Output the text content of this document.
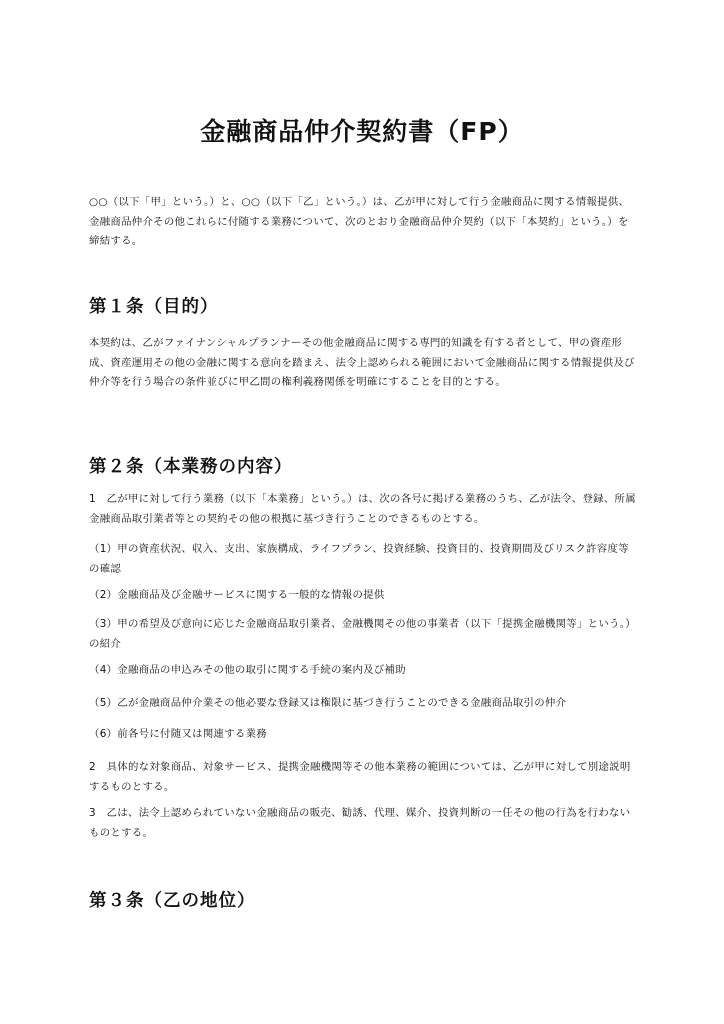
金融商品仲介契約書（FP）

○○（以下「甲」という。）と、○○（以下「乙」という。）は、乙が甲に対して行う金融商品に関する情報提供、金融商品仲介その他これらに付随する業務について、次のとおり金融商品仲介契約（以下「本契約」という。）を締結する。

第１条（目的）

本契約は、乙がファイナンシャルプランナーその他金融商品に関する専門的知識を有する者として、甲の資産形成、資産運用その他の金融に関する意向を踏まえ、法令上認められる範囲において金融商品に関する情報提供及び仲介等を行う場合の条件並びに甲乙間の権利義務関係を明確にすることを目的とする。

第２条（本業務の内容）

1　乙が甲に対して行う業務（以下「本業務」という。）は、次の各号に掲げる業務のうち、乙が法令、登録、所属金融商品取引業者等との契約その他の根拠に基づき行うことのできるものとする。

（1）甲の資産状況、収入、支出、家族構成、ライフプラン、投資経験、投資目的、投資期間及びリスク許容度等の確認

（2）金融商品及び金融サービスに関する一般的な情報の提供

（3）甲の希望及び意向に応じた金融商品取引業者、金融機関その他の事業者（以下「提携金融機関等」という。）の紹介

（4）金融商品の申込みその他の取引に関する手続の案内及び補助

（5）乙が金融商品仲介業その他必要な登録又は権限に基づき行うことのできる金融商品取引の仲介

（6）前各号に付随又は関連する業務

2　具体的な対象商品、対象サービス、提携金融機関等その他本業務の範囲については、乙が甲に対して別途説明するものとする。

3　乙は、法令上認められていない金融商品の販売、勧誘、代理、媒介、投資判断の一任その他の行為を行わないものとする。

第３条（乙の地位）
